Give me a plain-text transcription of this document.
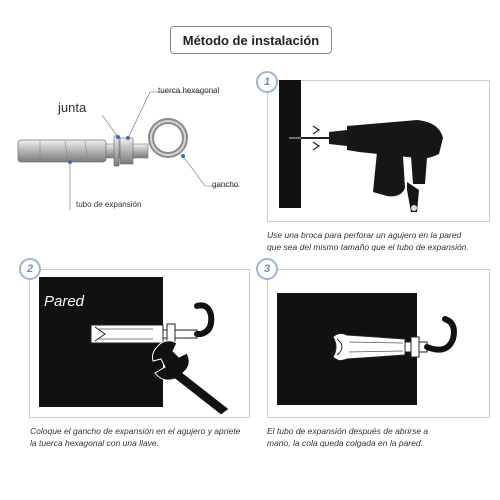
Método de instalación
junta
tuerca hexagonal
gancho
tubo de expansión
1
Use una broca para perforar un agujero en la pared
que sea del mismo tamaño que el tubo de expansión.
Pared
2
Coloque el gancho de expansión en el agujero y apriete
la tuerca hexagonal con una llave.
3
El tubo de expansión después de abrirse a
mano, la cola queda colgada en la pared.
